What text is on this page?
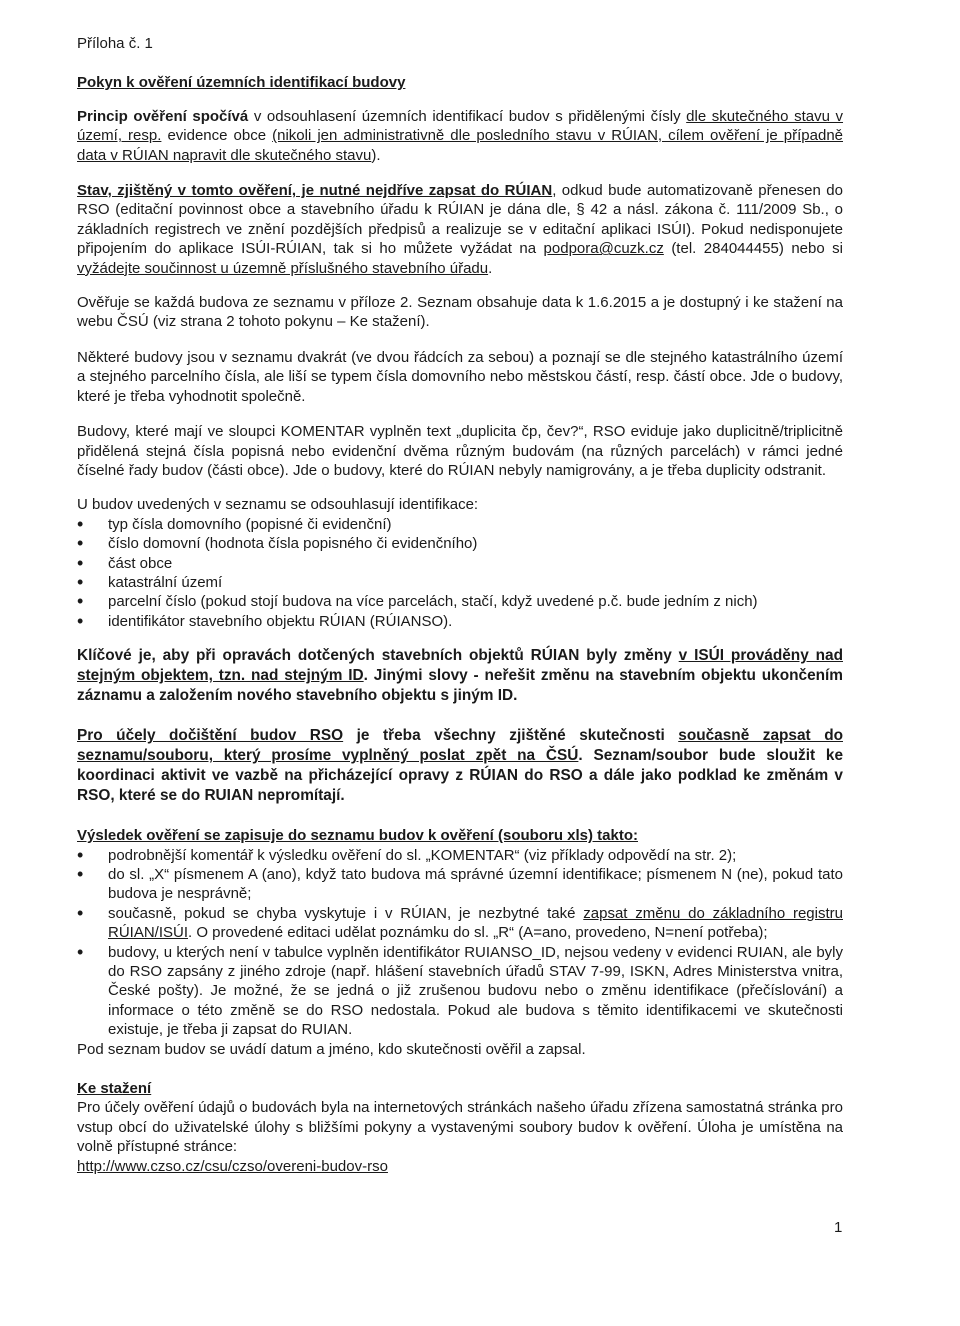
Příloha č. 1

Pokyn k ověření územních identifikací budovy

Princip ověření spočívá v odsouhlasení územních identifikací budov s přidělenými čísly dle skutečného stavu v území, resp. evidence obce (nikoli jen administrativně dle posledního stavu v RÚIAN, cílem ověření je případně data v RÚIAN napravit dle skutečného stavu).

Stav, zjištěný v tomto ověření, je nutné nejdříve zapsat do RÚIAN, odkud bude automatizovaně přenesen do RSO (editační povinnost obce a stavebního úřadu k RÚIAN je dána dle, § 42 a násl. zákona č. 111/2009 Sb., o základních registrech ve znění pozdějších předpisů a realizuje se v editační aplikaci ISÚI). Pokud nedisponujete připojením do aplikace ISÚI-RÚIAN, tak si ho můžete vyžádat na podpora@cuzk.cz (tel. 284044455) nebo si vyžádejte součinnost u územně příslušného stavebního úřadu.

Ověřuje se každá budova ze seznamu v příloze 2. Seznam obsahuje data k 1.6.2015 a je dostupný i ke stažení na webu ČSÚ (viz strana 2 tohoto pokynu – Ke stažení).

Některé budovy jsou v seznamu dvakrát (ve dvou řádcích za sebou) a poznají se dle stejného katastrálního území a stejného parcelního čísla, ale liší se typem čísla domovního nebo městskou částí, resp. částí obce. Jde o budovy, které je třeba vyhodnotit společně.

Budovy, které mají ve sloupci KOMENTAR vyplněn text „duplicita čp, čev?“, RSO eviduje jako duplicitně/triplicitně přidělená stejná čísla popisná nebo evidenční dvěma různým budovám (na různých parcelách) v rámci jedné číselné řady budov (části obce). Jde o budovy, které do RÚIAN nebyly namigrovány, a je třeba duplicity odstranit.

U budov uvedených v seznamu se odsouhlasují identifikace:

• typ čísla domovního (popisné či evidenční)
• číslo domovní (hodnota čísla popisného či evidenčního)
• část obce
• katastrální území
• parcelní číslo (pokud stojí budova na více parcelách, stačí, když uvedené p.č. bude jedním z nich)
• identifikátor stavebního objektu RÚIAN (RÚIANSO).

Klíčové je, aby při opravách dotčených stavebních objektů RÚIAN byly změny v ISÚI prováděny nad stejným objektem, tzn. nad stejným ID. Jinými slovy - neřešit změnu na stavebním objektu ukončením záznamu a založením nového stavebního objektu s jiným ID.

Pro účely dočištění budov RSO je třeba všechny zjištěné skutečnosti současně zapsat do seznamu/souboru, který prosíme vyplněný poslat zpět na ČSÚ. Seznam/soubor bude sloužit ke koordinaci aktivit ve vazbě na přicházející opravy z RÚIAN do RSO a dále jako podklad ke změnám v RSO, které se do RUIAN nepromítají.

Výsledek ověření se zapisuje do seznamu budov k ověření (souboru xls) takto:

• podrobnější komentář k výsledku ověření do sl. „KOMENTAR“ (viz příklady odpovědí na str. 2);
• do sl. „X“ písmenem A (ano), když tato budova má správné územní identifikace; písmenem N (ne), pokud tato budova je nesprávně;
• současně, pokud se chyba vyskytuje i v RÚIAN, je nezbytné také zapsat změnu do základního registru RÚIAN/ISÚI. O provedené editaci udělat poznámku do sl. „R“ (A=ano, provedeno, N=není potřeba);
• budovy, u kterých není v tabulce vyplněn identifikátor RUIANSO_ID, nejsou vedeny v evidenci RUIAN, ale byly do RSO zapsány z jiného zdroje (např. hlášení stavebních úřadů STAV 7-99, ISKN, Adres Ministerstva vnitra, České pošty). Je možné, že se jedná o již zrušenou budovu nebo o změnu identifikace (přečíslování) a informace o této změně se do RSO nedostala. Pokud ale budova s těmito identifikacemi ve skutečnosti existuje, je třeba ji zapsat do RUIAN.

Pod seznam budov se uvádí datum a jméno, kdo skutečnosti ověřil a zapsal.

Ke stažení

Pro účely ověření údajů o budovách byla na internetových stránkách našeho úřadu zřízena samostatná stránka pro vstup obcí do uživatelské úlohy s bližšími pokyny a vystavenými soubory budov k ověření. Úloha je umístěna na volně přístupné stránce:

http://www.czso.cz/csu/czso/overeni-budov-rso
1
